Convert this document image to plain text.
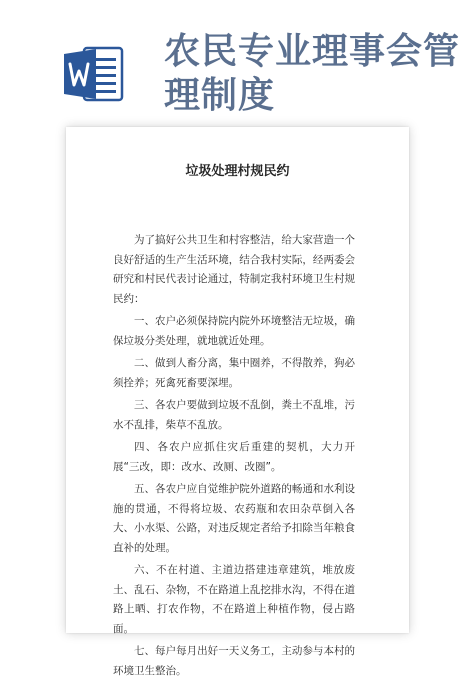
农民专业理事会管理制度
垃圾处理村规民约

为了搞好公共卫生和村容整洁，给大家营造一个良好舒适的生产生活环境，结合我村实际，经两委会研究和村民代表讨论通过，特制定我村环境卫生村规民约：

一、农户必须保持院内院外环境整洁无垃圾，确保垃圾分类处理，就地就近处理。

二、做到人畜分离，集中圈养，不得散养，狗必须拴养；死禽死畜要深埋。

三、各农户要做到垃圾不乱倒，粪土不乱堆，污水不乱排，柴草不乱放。

四、各农户应抓住灾后重建的契机，大力开展“三改，即：改水、改厕、改圈”。

五、各农户应自觉维护院外道路的畅通和水利设施的贯通，不得将垃圾、农药瓶和农田杂草倒入各大、小水渠、公路，对违反规定者给予扣除当年粮食直补的处理。

六、不在村道、主道边搭建违章建筑，堆放废土、乱石、杂物，不在路道上乱挖排水沟，不得在道路上晒、打农作物，不在路道上种植作物，侵占路面。

七、每户每月出好一天义务工，主动参与本村的环境卫生整治。
